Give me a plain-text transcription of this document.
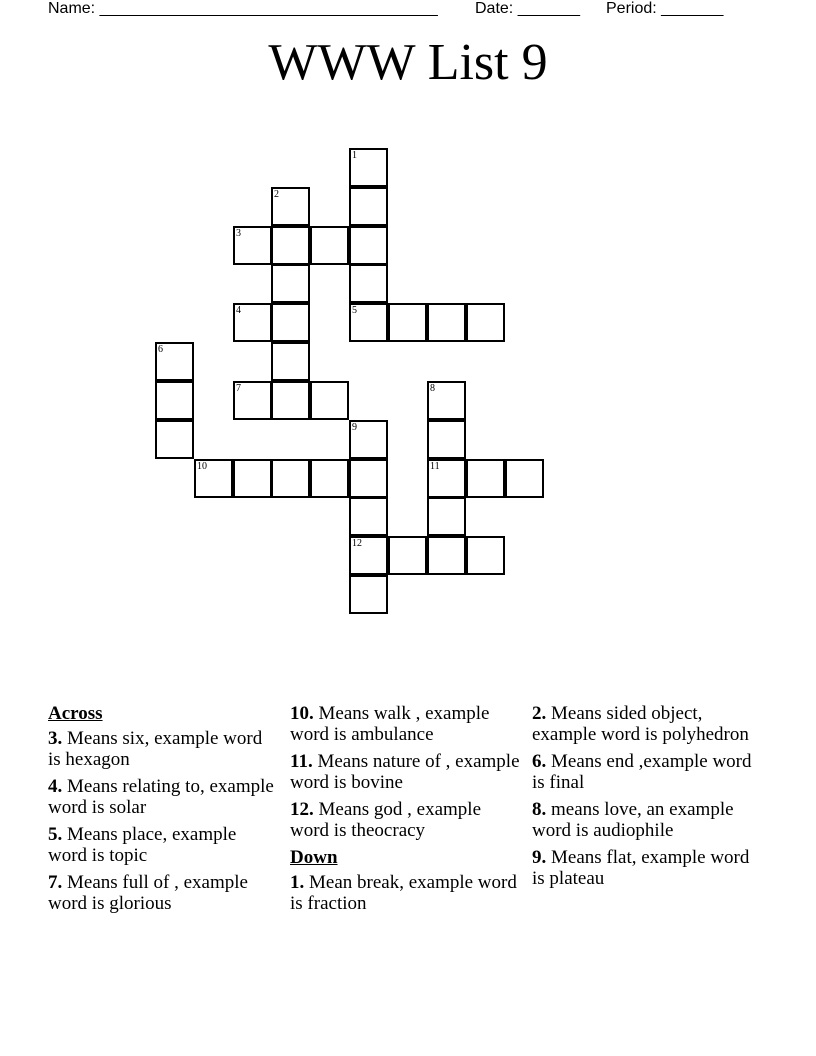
Name: ______________________________________

Date: _______

Period: _______

WWW List 9
1
2
3
4	5
6
7	8
9
10	11
12
Across
3. Means six, example word is hexagon
4. Means relating to, example word is solar
5. Means place, example word is topic
7. Means full of , example word is glorious
10. Means walk , example word is ambulance
11. Means nature of , example word is bovine
12. Means god , example word is theocracy
Down
1. Mean break, example word is fraction
2. Means sided object, example word is polyhedron
6. Means end ,example word is final
8. means love, an example word is audiophile
9. Means flat, example word is plateau
